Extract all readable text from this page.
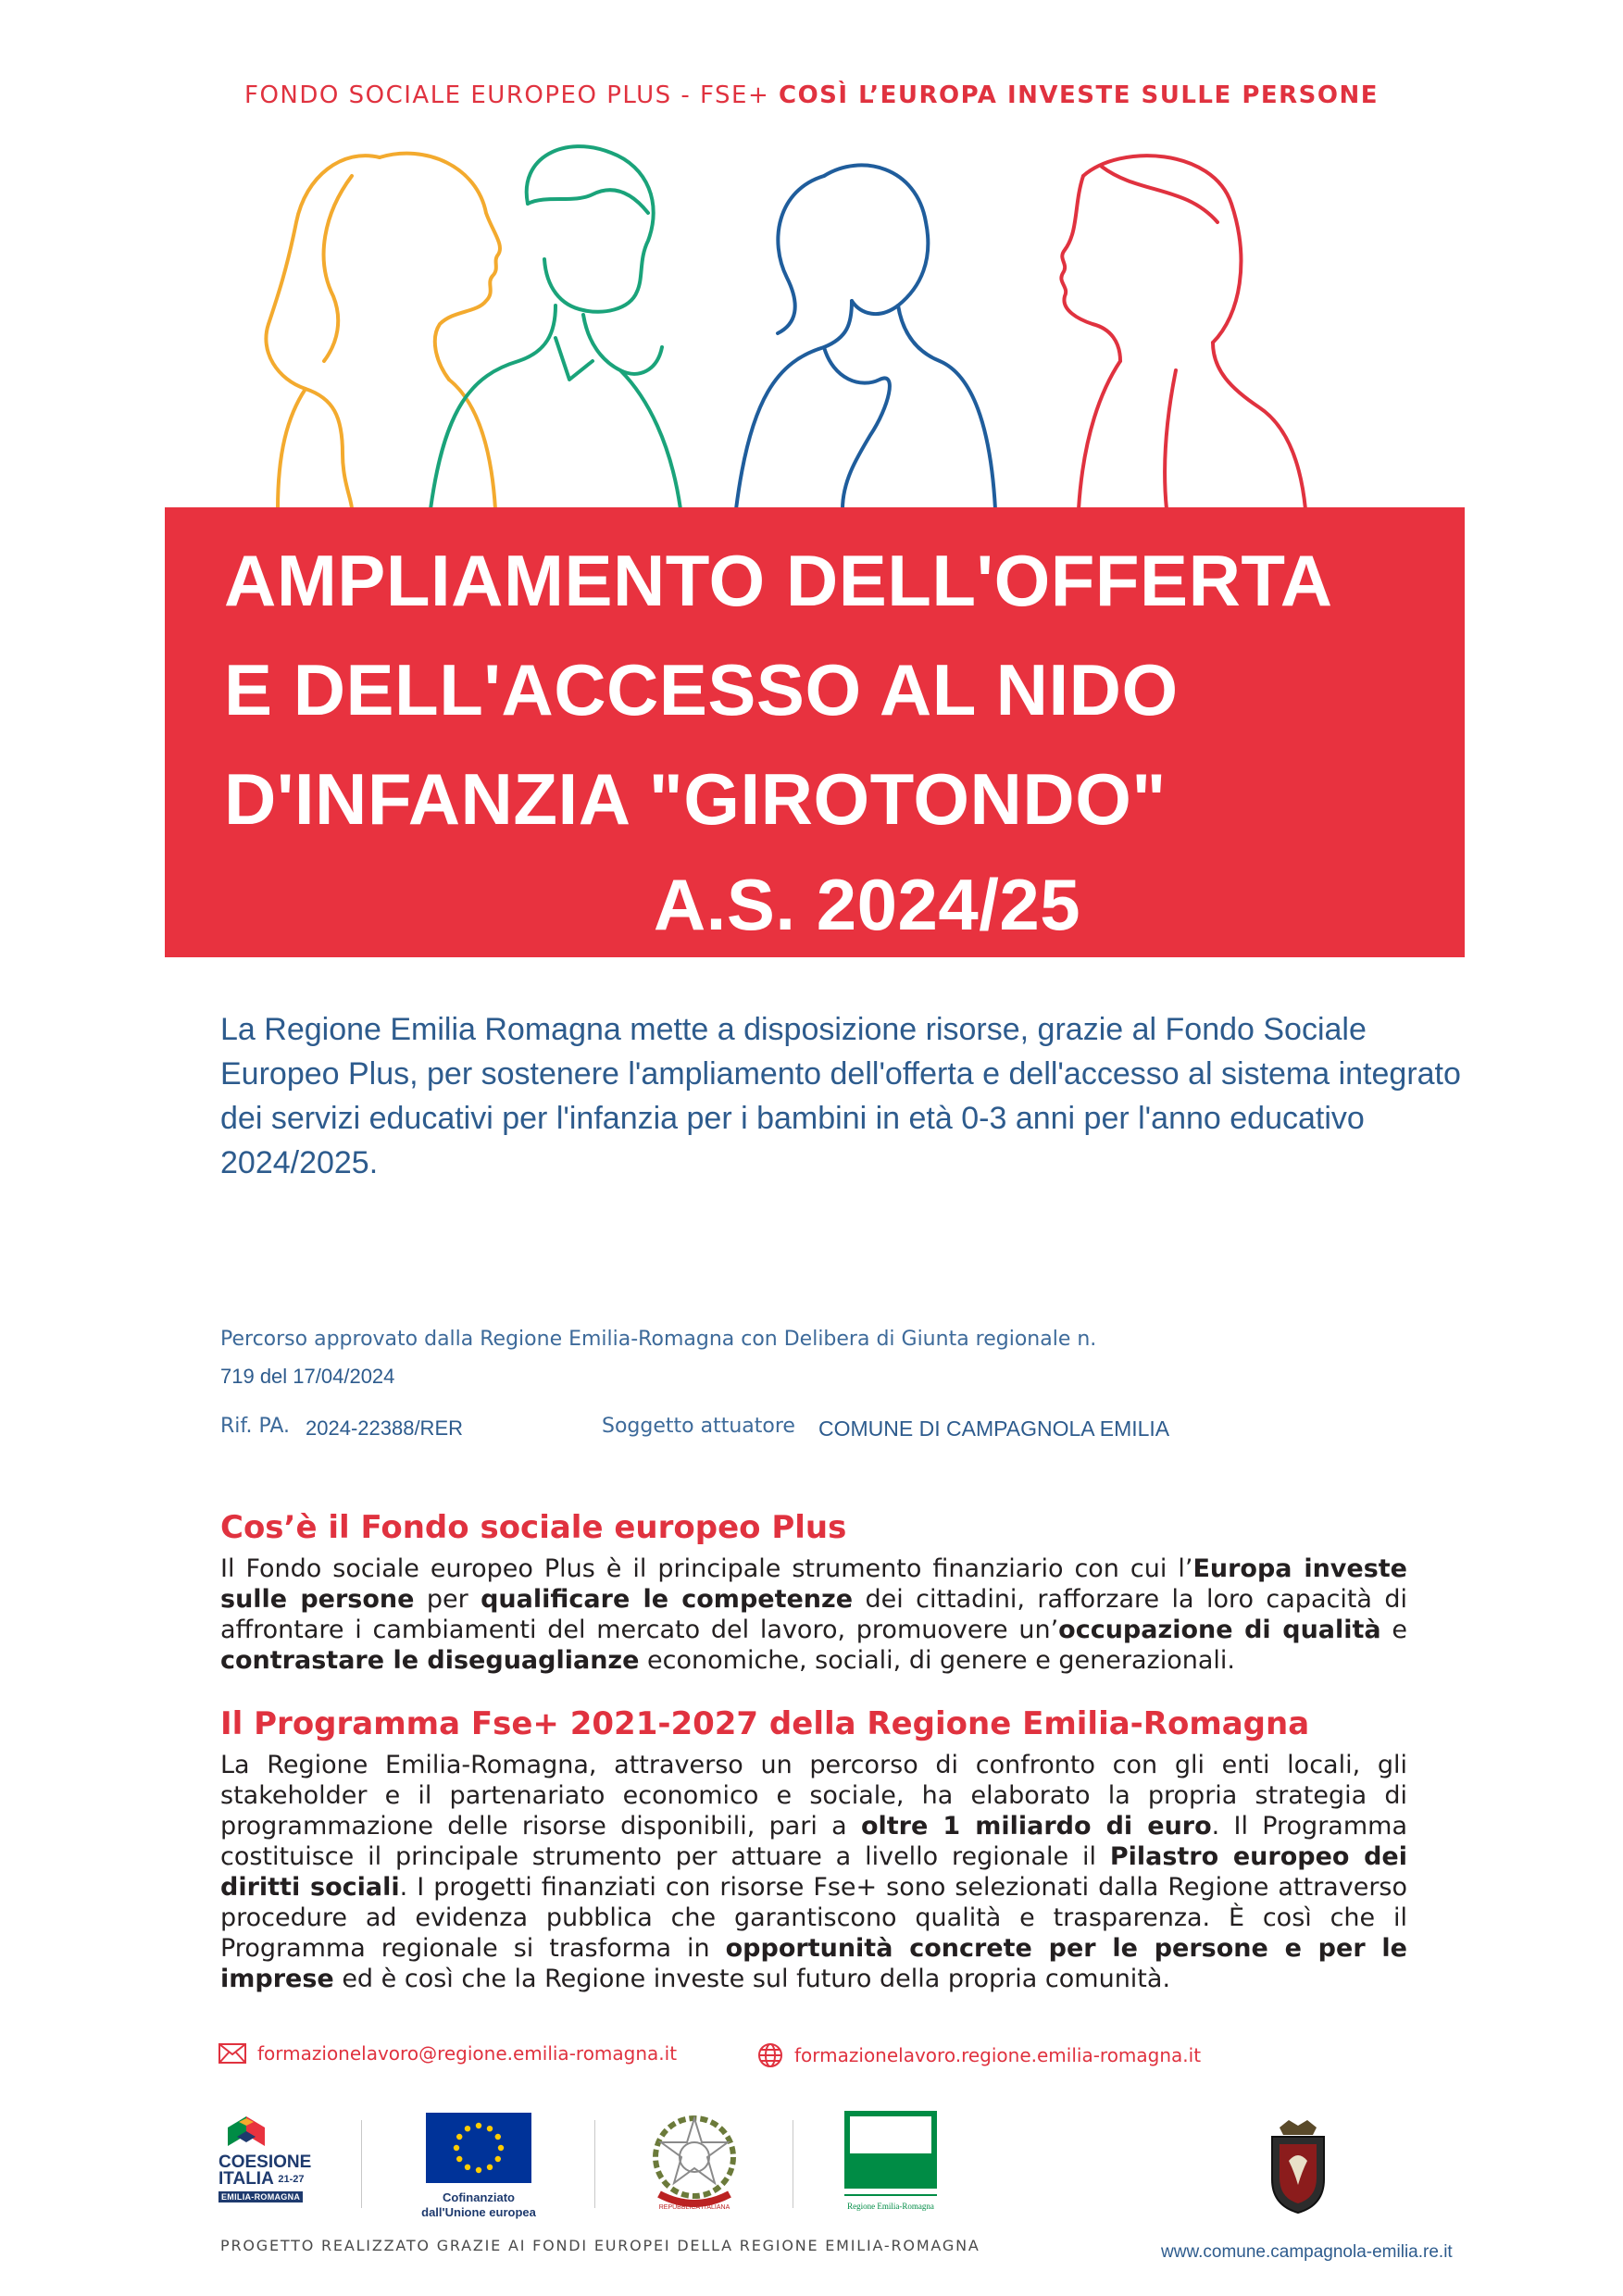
FONDO SOCIALE EUROPEO PLUS - FSE+ COSÌ L’EUROPA INVESTE SULLE PERSONE
AMPLIAMENTO DELL'OFFERTA
E DELL'ACCESSO AL NIDO
D'INFANZIA "GIROTONDO"
A.S. 2024/25
La Regione Emilia Romagna mette a disposizione risorse, grazie al Fondo Sociale Europeo Plus, per sostenere l'ampliamento dell'offerta e dell'accesso al sistema integrato dei servizi educativi per l'infanzia per i bambini in età 0-3 anni per l'anno educativo 2024/2025.
Percorso approvato dalla Regione Emilia-Romagna con Delibera di Giunta regionale n.
719 del 17/04/2024
Rif. PA. 2024-22388/RER	Soggetto attuatore COMUNE DI CAMPAGNOLA EMILIA
Cos’è il Fondo sociale europeo Plus
Il Fondo sociale europeo Plus è il principale strumento finanziario con cui l’Europa investe sulle persone per qualificare le competenze dei cittadini, rafforzare la loro capacità di affrontare i cambiamenti del mercato del lavoro, promuovere un’occupazione di qualità e contrastare le diseguaglianze economiche, sociali, di genere e generazionali.
Il Programma Fse+ 2021-2027 della Regione Emilia-Romagna
La Regione Emilia-Romagna, attraverso un percorso di confronto con gli enti locali, gli stakeholder e il partenariato economico e sociale, ha elaborato la propria strategia di programmazione delle risorse disponibili, pari a oltre 1 miliardo di euro. Il Programma costituisce il principale strumento per attuare a livello regionale il Pilastro europeo dei diritti sociali. I progetti finanziati con risorse Fse+ sono selezionati dalla Regione attraverso procedure ad evidenza pubblica che garantiscono qualità e trasparenza. È così che il Programma regionale si trasforma in opportunità concrete per le persone e per le imprese ed è così che la Regione investe sul futuro della propria comunità.
formazionelavoro@regione.emilia-romagna.it	formazionelavoro.regione.emilia-romagna.it
COESIONE
ITALIA $^{21-27}$
EMILIA-ROMAGNA	Cofinanziato
dall'Unione europea	REPUBBLICA ITALIANA	Regione Emilia-Romagna
PROGETTO REALIZZATO GRAZIE AI FONDI EUROPEI DELLA REGIONE EMILIA-ROMAGNA	www.comune.campagnola-emilia.re.it
